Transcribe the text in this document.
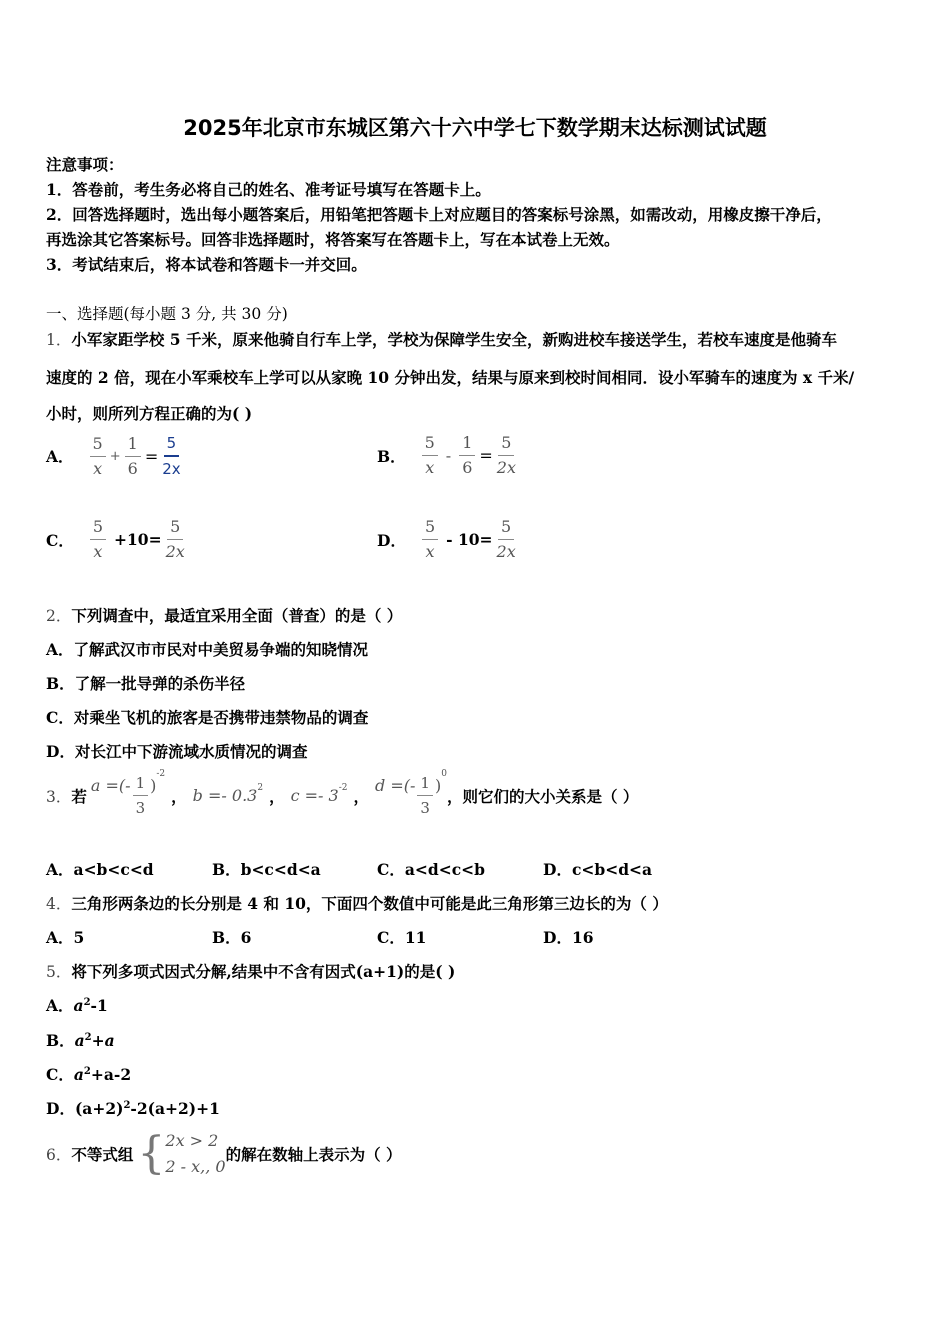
2025年北京市东城区第六十六中学七下数学期末达标测试试题
注意事项：
1．答卷前，考生务必将自己的姓名、准考证号填写在答题卡上。
2．回答选择题时，选出每小题答案后，用铅笔把答题卡上对应题目的答案标号涂黑，如需改动，用橡皮擦干净后，
再选涂其它答案标号。回答非选择题时，将答案写在答题卡上，写在本试卷上无效。
3．考试结束后，将本试卷和答题卡一并交回。
一、选择题(每小题 3 分, 共 30 分)
1．小军家距学校 5 千米，原来他骑自行车上学，学校为保障学生安全，新购进校车接送学生，若校车速度是他骑车
速度的 2 倍，现在小军乘校车上学可以从家晚 10 分钟出发，结果与原来到校时间相同．设小军骑车的速度为 x 千米/
小时，则所列方程正确的为( )
A． $\frac{5}{x} + \frac{1}{6} = \frac{5}{2x}$	B． $\frac{5}{x} - \frac{1}{6} = \frac{5}{2x}$
C． $\frac{5}{x} +10= \frac{5}{2x}$	D． $\frac{5}{x} - 10= \frac{5}{2x}$
2．下列调查中，最适宜采用全面（普查）的是（ ）
A．了解武汉市市民对中美贸易争端的知晓情况
B．了解一批导弹的杀伤半径
C．对乘坐飞机的旅客是否携带违禁物品的调查
D．对长江中下游流域水质情况的调查
3． 若
a =(- $\frac{1}{3}$ )
-2
， b =- 0.3 2 ， c =- 3 -2 ，
d =(- $\frac{1}{3}$ )
0
，则它们的大小关系是（ ）
A．a<b<c<d	B．b<c<d<a	C．a<d<c<b	D．c<b<d<a
4．三角形两条边的长分别是 4 和 10，下面四个数值中可能是此三角形第三边长的为（ ）
A．5	B．6	C．11	D．16
5．将下列多项式因式分解,结果中不含有因式(a+1)的是( )
A．$a^2-1$
B．$a^2+a$
C．$a^2+a-2$
D．$(a+2)^2-2(a+2)+1$
6． 不等式组 { 2x > 2
2 - x,, 0
的解在数轴上表示为（ ）
